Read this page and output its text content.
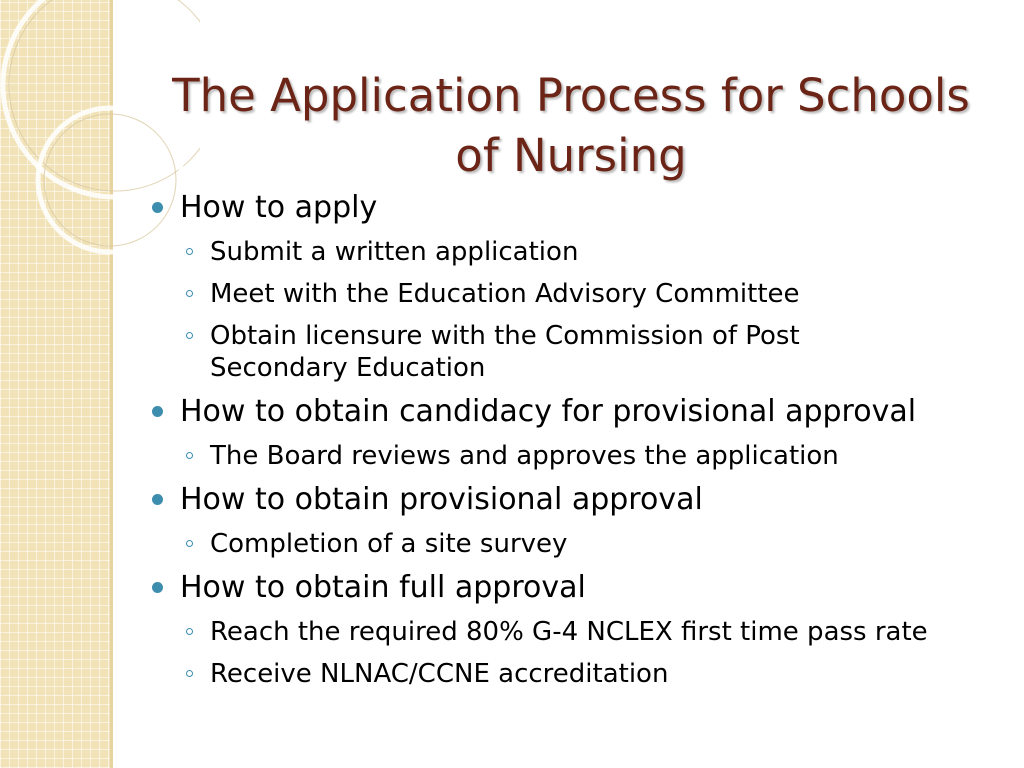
The Application Process for Schools
of Nursing
How to apply
Submit a written application
Meet with the Education Advisory Committee
Obtain licensure with the Commission of Post Secondary Education
How to obtain candidacy for provisional approval
The Board reviews and approves the application
How to obtain provisional approval
Completion of a site survey
How to obtain full approval
Reach the required 80% G-4 NCLEX first time pass rate
Receive NLNAC/CCNE accreditation
